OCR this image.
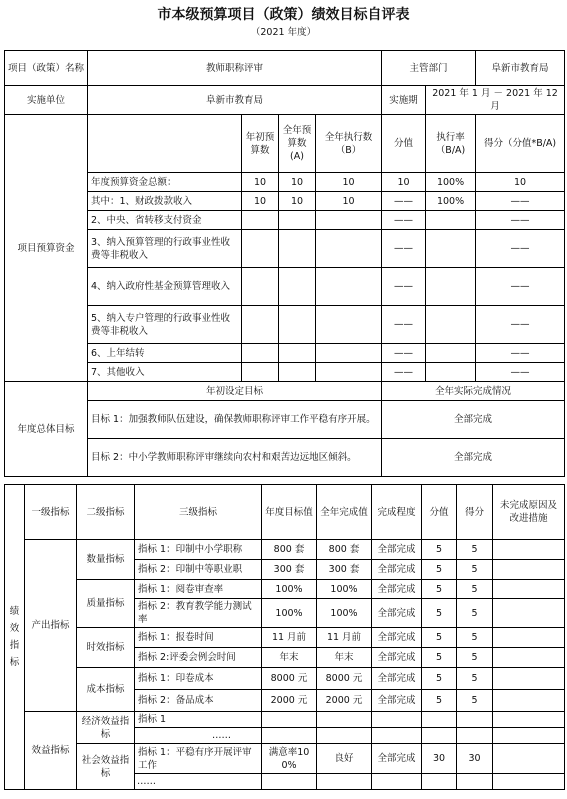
市本级预算项目（政策）绩效目标自评表
（2021 年度）
项目（政策）名称	教师职称评审				主管部门		阜新市教育局
实施单位	阜新市教育局				实施期	2021 年 1 月 － 2021 年 12 月	
项目预算资金		年初预算数	全年预算数(A)	全年执行数（B）	分值	执行率（B/A)	得分（分值*B/A)
	年度预算资金总额：	10	10	10	10	100%	10
	其中：1、财政拨款收入	10	10	10	——	100%	——
	2、中央、省转移支付资金				——		——
	3、纳入预算管理的行政事业性收费等非税收入				——		——
	4、纳入政府性基金预算管理收入				——		——
	5、纳入专户管理的行政事业性收费等非税收入				——		——
	6、上年结转				——		——
	7、其他收入				——		——
年度总体目标	年初设定目标				全年实际完成情况		
	目标 1：加强教师队伍建设，确保教师职称评审工作平稳有序开展。				全部完成		
	目标 2：中小学教师职称评审继续向农村和艰苦边远地区倾斜。				全部完成		
绩效指标	一级指标	二级指标	三级指标	年度目标值	全年完成值	完成程度	分值	得分	未完成原因及改进措施
	产出指标	数量指标	指标 1：印制中小学职称	800 套	800 套	全部完成	5	5	
			指标 2：印制中等职业职	300 套	300 套	全部完成	5	5	
		质量指标	指标 1：阅卷审查率	100%	100%	全部完成	5	5	
			指标 2：教育教学能力测试率	100%	100%	全部完成	5	5	
		时效指标	指标 1：报卷时间	11 月前	11 月前	全部完成	5	5	
			指标 2:评委会例会时间	年末	年末	全部完成	5	5	
		成本指标	指标 1：印卷成本	8000 元	8000 元	全部完成	5	5	
			指标 2：备品成本	2000 元	2000 元	全部完成	5	5	
	效益指标	经济效益指标	指标 1						
			……						
		社会效益指标	指标 1：平稳有序开展评审工作	满意率100%	良好	全部完成	30	30	
			……						
